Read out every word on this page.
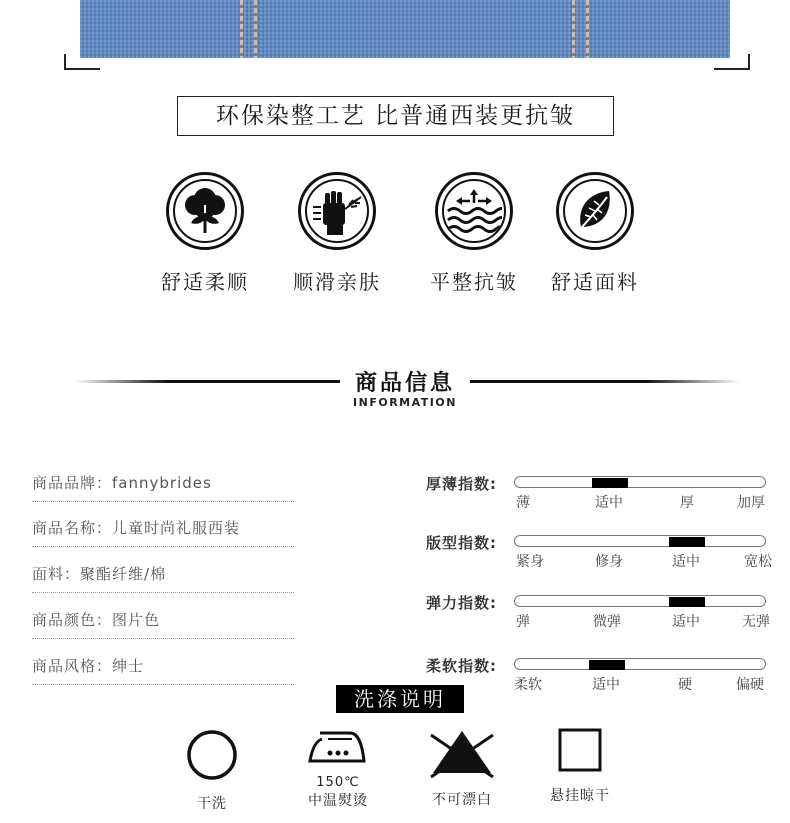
环保染整工艺 比普通西装更抗皱
舒适柔顺	顺滑亲肤	平整抗皱	舒适面料
商品信息
INFORMATION
商品品牌：fannybrides
商品名称：儿童时尚礼服西装
面料：聚酯纤维/棉
商品颜色：图片色
商品风格：绅士
厚薄指数:
薄	适中	厚	加厚
版型指数:
紧身	修身	适中	宽松
弹力指数:
弹	微弹	适中	无弹
柔软指数:
柔软	适中	硬	偏硬
洗涤说明
干洗
150℃
中温熨烫	不可漂白	悬挂晾干
